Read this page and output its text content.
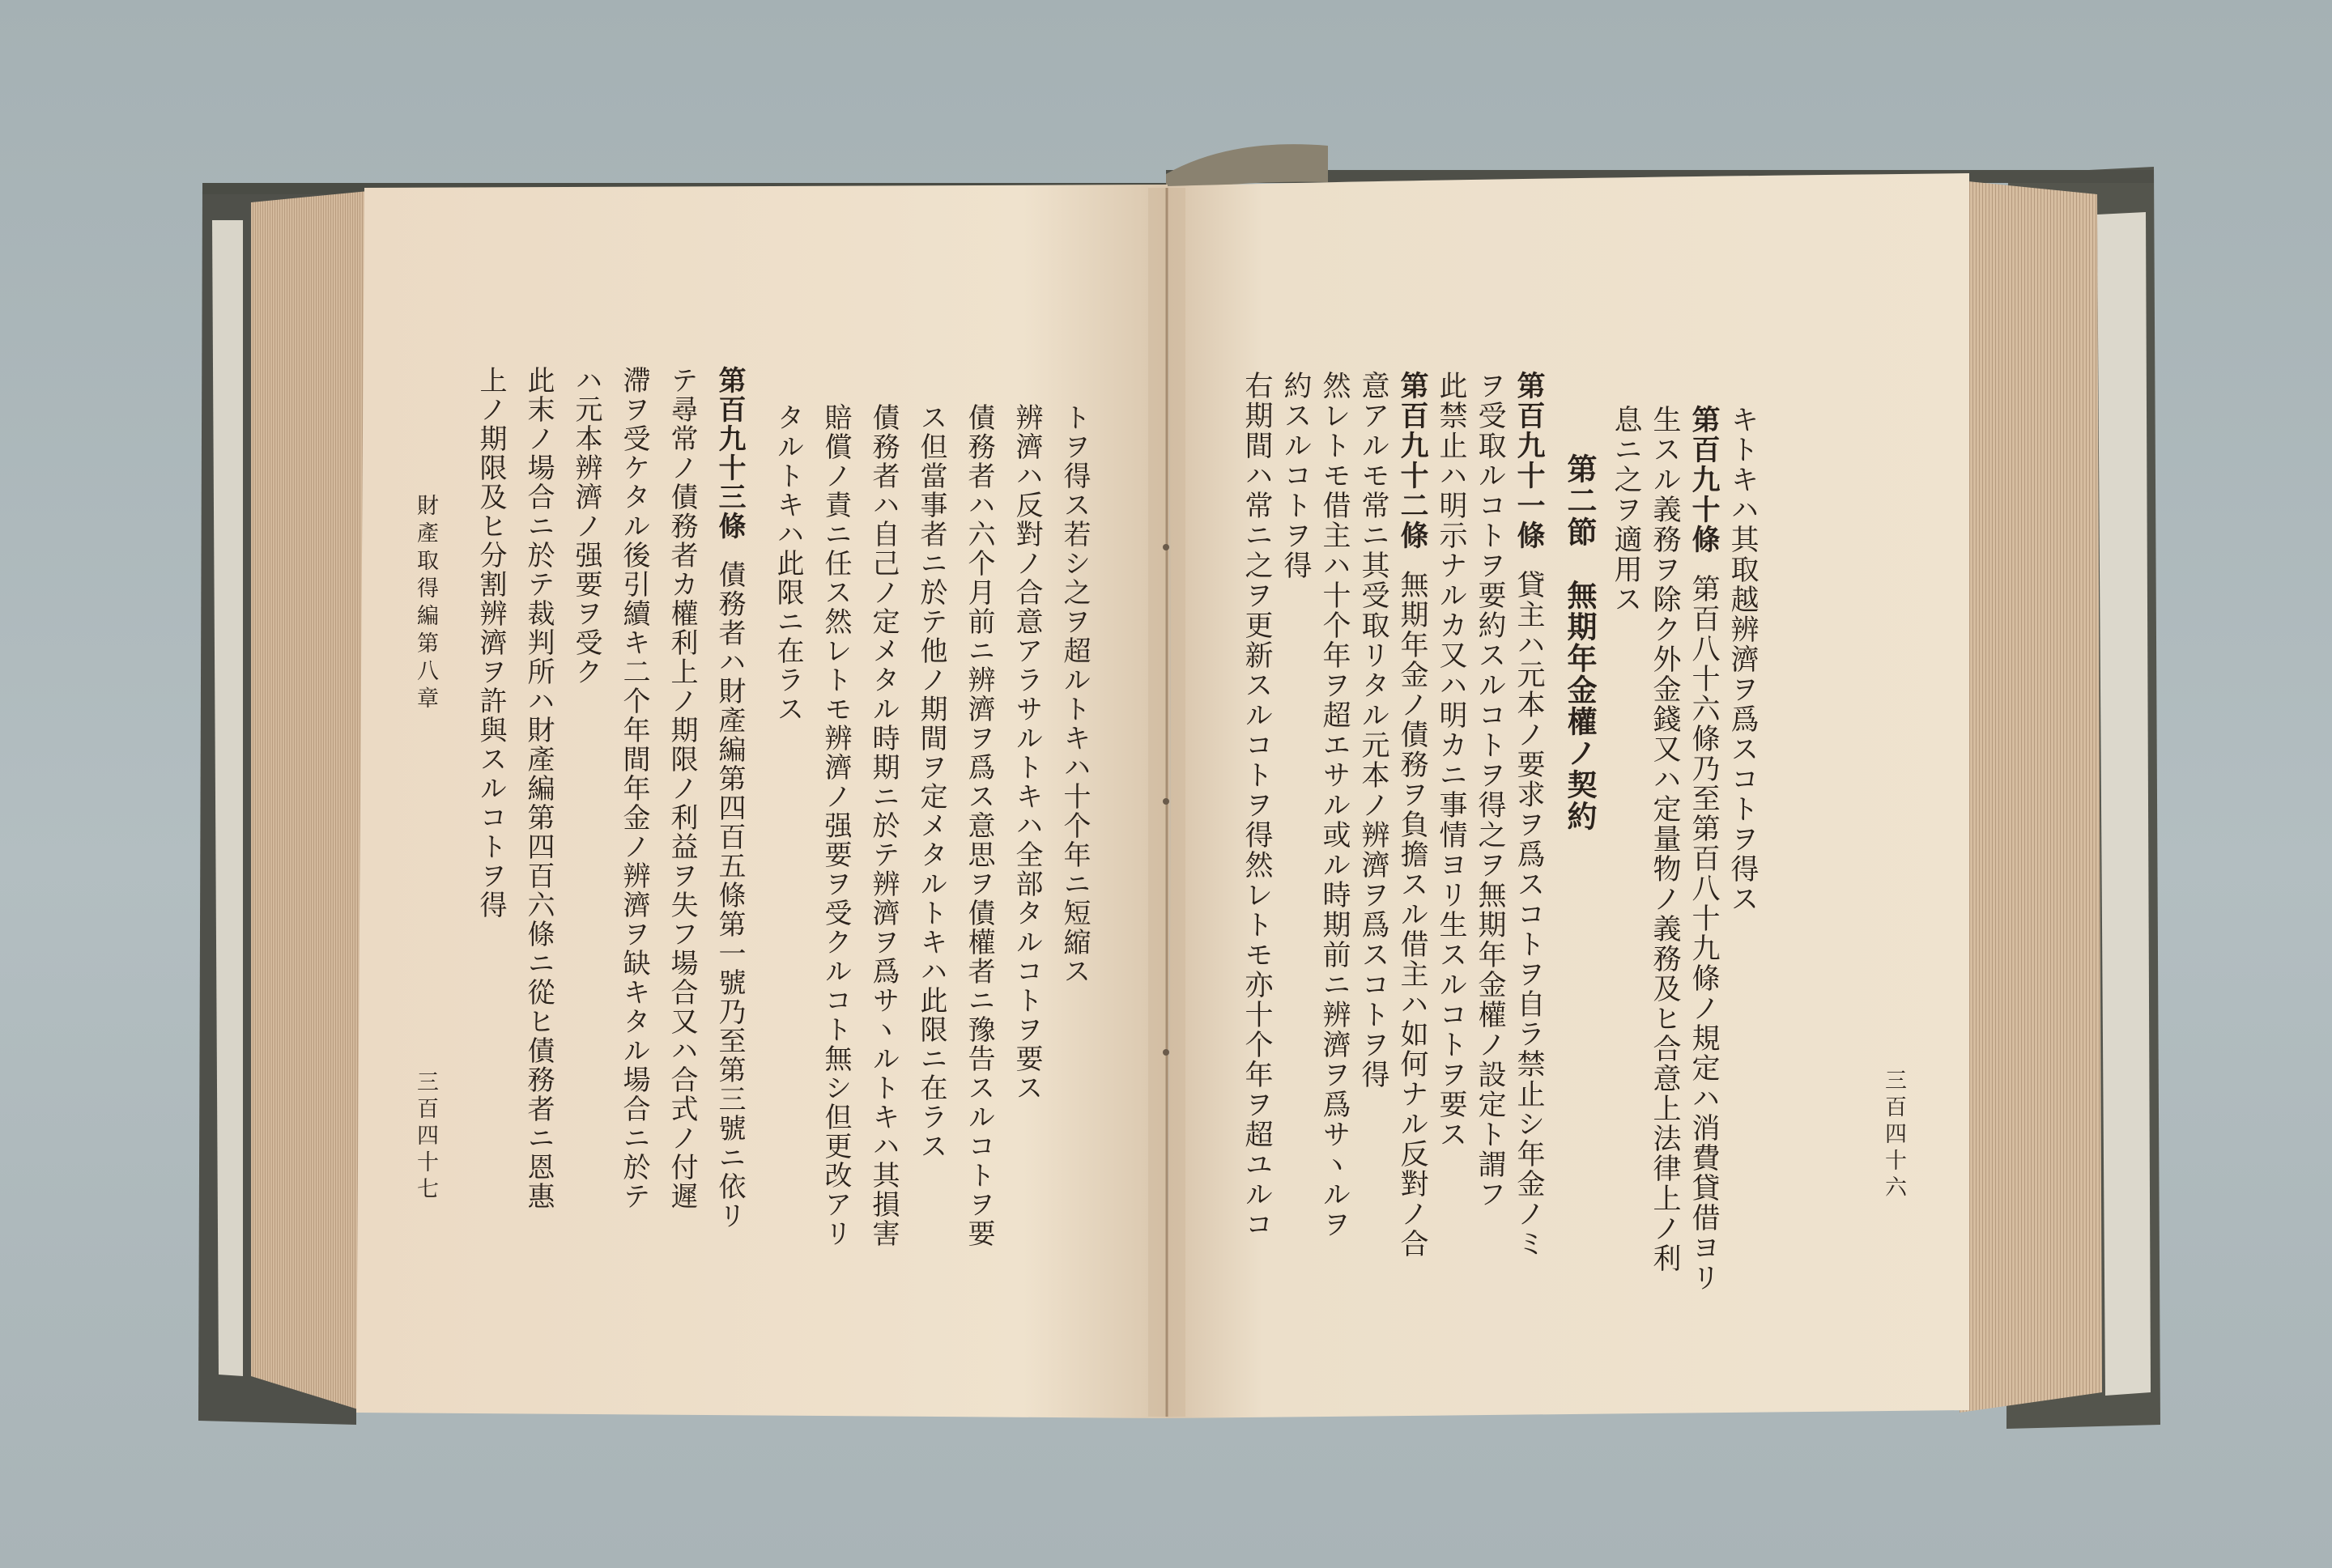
三百四十六
キトキハ其取越辨濟ヲ爲スコトヲ得ス
第百九十條第百八十六條乃至第百八十九條ノ規定ハ消費貸借ヨリ
生スル義務ヲ除ク外金錢又ハ定量物ノ義務及ヒ合意上法律上ノ利
息ニ之ヲ適用ス
第二節　無期年金權ノ契約
第百九十一條貸主ハ元本ノ要求ヲ爲スコトヲ自ラ禁止シ年金ノミ
ヲ受取ルコトヲ要約スルコトヲ得之ヲ無期年金權ノ設定ト謂フ
此禁止ハ明示ナルカ又ハ明カニ事情ヨリ生スルコトヲ要ス
第百九十二條無期年金ノ債務ヲ負擔スル借主ハ如何ナル反對ノ合
意アルモ常ニ其受取リタル元本ノ辨濟ヲ爲スコトヲ得
然レトモ借主ハ十个年ヲ超エサル或ル時期前ニ辨濟ヲ爲サヽルヲ
約スルコトヲ得
右期間ハ常ニ之ヲ更新スルコトヲ得然レトモ亦十个年ヲ超ユルコ
トヲ得ス若シ之ヲ超ルトキハ十个年ニ短縮ス
辨濟ハ反對ノ合意アラサルトキハ全部タルコトヲ要ス
債務者ハ六个月前ニ辨濟ヲ爲ス意思ヲ債權者ニ豫告スルコトヲ要
ス但當事者ニ於テ他ノ期間ヲ定メタルトキハ此限ニ在ラス
債務者ハ自己ノ定メタル時期ニ於テ辨濟ヲ爲サヽルトキハ其損害
賠償ノ責ニ任ス然レトモ辨濟ノ强要ヲ受クルコト無シ但更改アリ
タルトキハ此限ニ在ラス
第百九十三條債務者ハ財產編第四百五條第一號乃至第三號ニ依リ
テ尋常ノ債務者カ權利上ノ期限ノ利益ヲ失フ場合又ハ合式ノ付遲
滯ヲ受ケタル後引續キ二个年間年金ノ辨濟ヲ缺キタル場合ニ於テ
ハ元本辨濟ノ强要ヲ受ク
此末ノ場合ニ於テ裁判所ハ財產編第四百六條ニ從ヒ債務者ニ恩惠
上ノ期限及ヒ分割辨濟ヲ許與スルコトヲ得
財產取得編第八章
三百四十七
